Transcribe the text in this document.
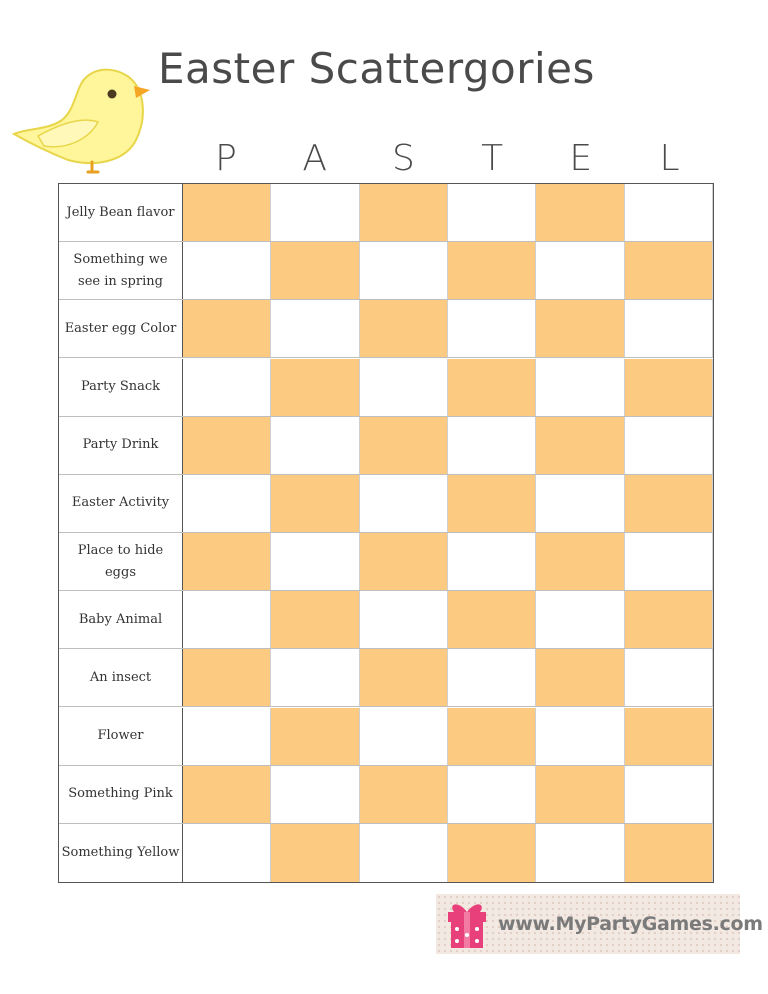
Easter Scattergories
P	A	S	T	E	L
Jelly Bean flavor
Something we see in spring
Easter egg Color
Party Snack
Party Drink
Easter Activity
Place to hide eggs
Baby Animal
An insect
Flower
Something Pink
Something Yellow
www.MyPartyGames.com
